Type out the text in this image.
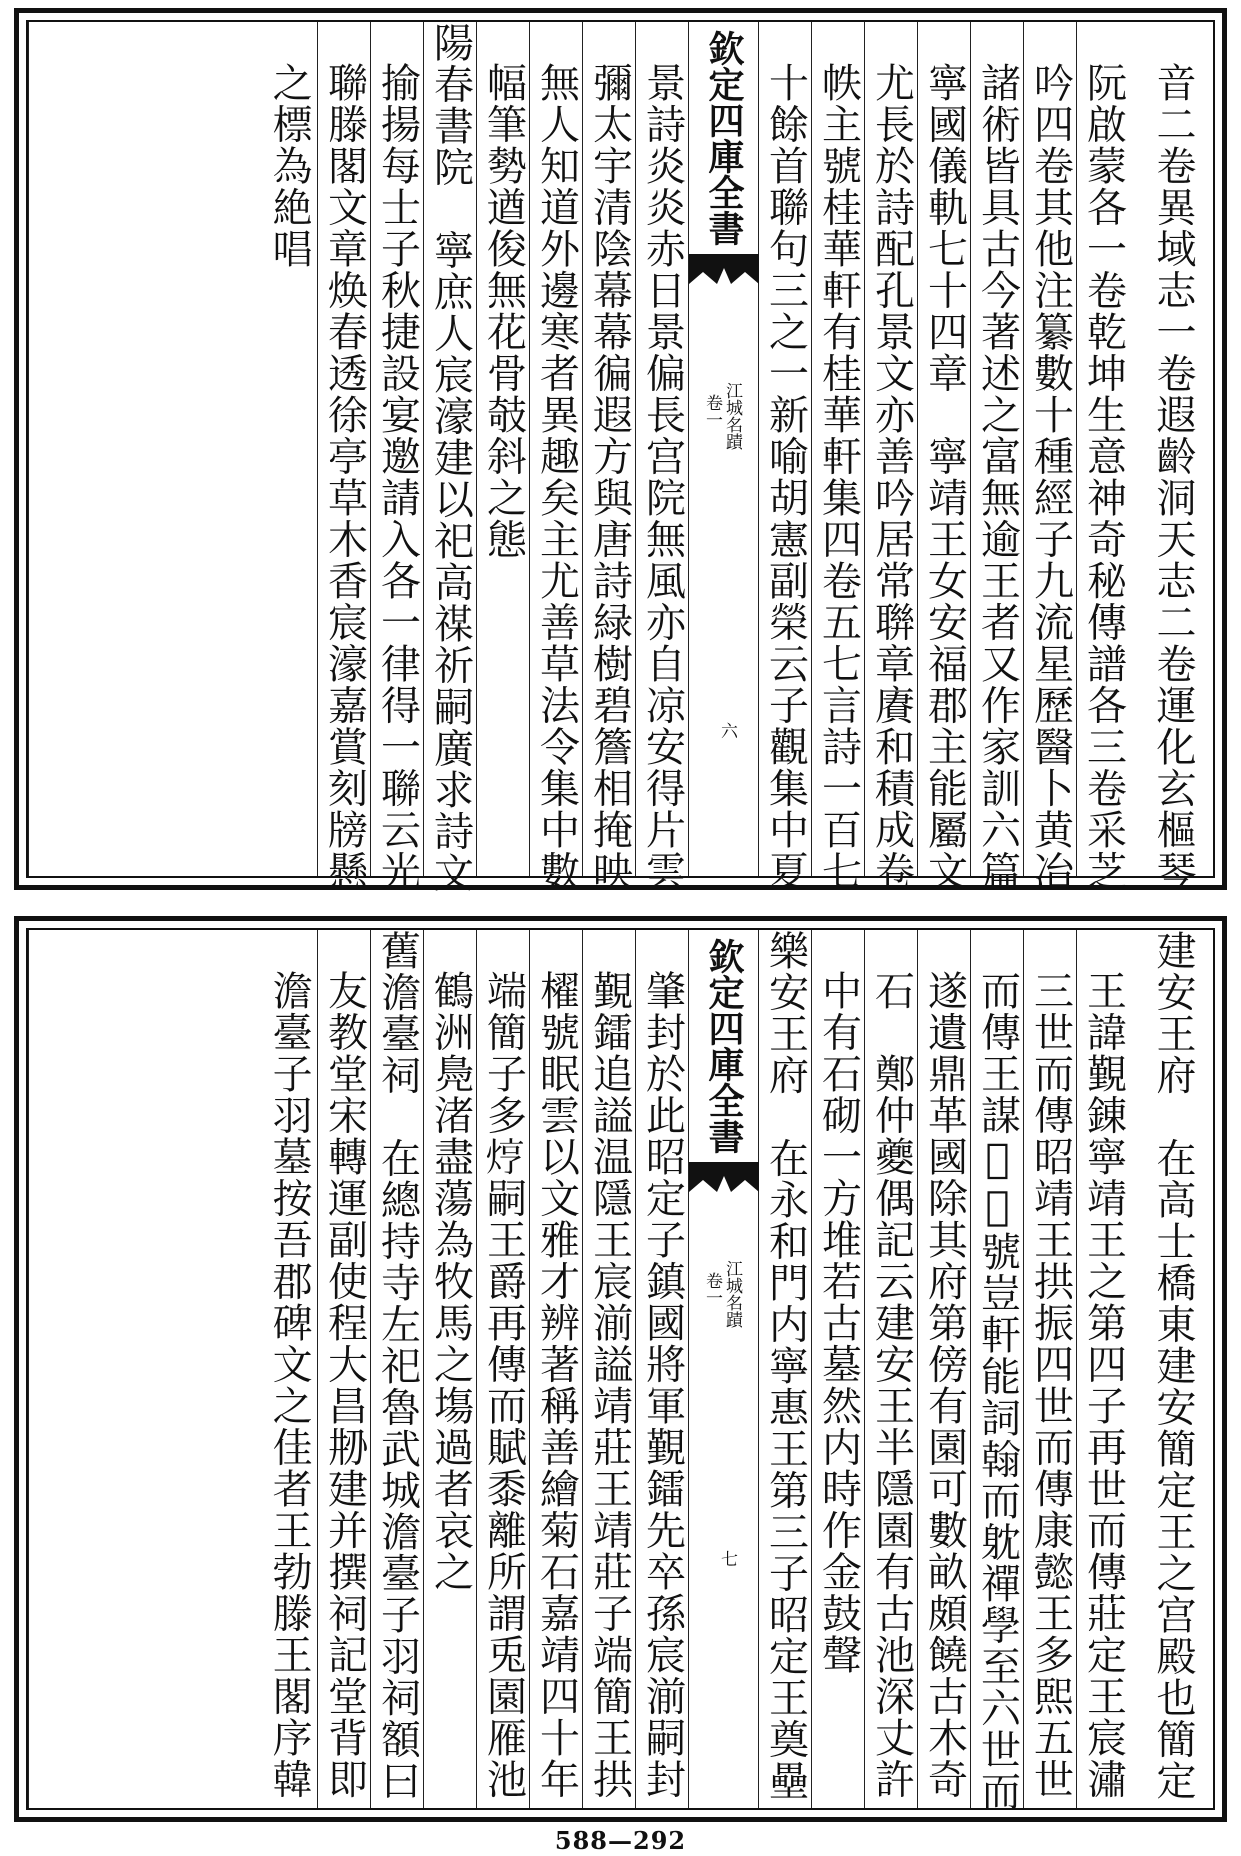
音二卷異域志一卷遐齡洞天志二卷運化玄樞琴
阮啟蒙各一卷乾坤生意神奇秘傳譜各三卷采芝
吟四卷其他注纂數十種經子九流星歷醫卜黄冶
諸術皆具古今著述之富無逾王者又作家訓六篇
寧國儀軌七十四章　寧靖王女安福郡主能屬文
尤長於詩配孔景文亦善吟居常聨章賡和積成卷
帙主號桂華軒有桂華軒集四卷五七言詩一百七
十餘首聯句三之一新喻胡憲副榮云子觀集中夏
欽定四庫全書
江城名蹟
卷一
六
景詩炎炎赤日景偏長宫院無風亦自凉安得片雲
彌太宇清陰幕幕徧遐方與唐詩緑樹碧簷相掩映
無人知道外邊寒者異趣矣主尤善草法令集中數
幅筆勢遒俊無花骨攲斜之態
陽春書院　寧庶人宸濠建以祀高禖祈嗣廣求詩文
揄揚每士子秋捷設宴邀請入各一律得一聯云光
聯滕閣文章焕春透徐亭草木香宸濠嘉賞刻牓懸
之標為絶唱
建安王府　在高士橋東建安簡定王之宫殿也簡定
王諱覲錬寧靖王之第四子再世而傳莊定王宸潚
三世而傳昭靖王拱振四世而傳康懿王多𤋮五世
而傳王謀𤛓𤛓號豈軒能詞翰而躭禪學至六世而
遂遺鼎革國除其府第傍有園可數畝頗饒古木奇
石　鄭仲夔偶記云建安王半隱園有古池深丈許
中有石砌一方堆若古墓然内時作金鼓聲
樂安王府　在永和門内寧惠王第三子昭定王奠壘
欽定四庫全書
江城名蹟
卷一
七
肇封於此昭定子鎮國將軍覲鐳先卒孫宸湔嗣封
覲鐳追謚温隱王宸湔謚靖莊王靖莊子端簡王拱
櫂號眠雲以文雅才辨著稱善繪菊石嘉靖四十年
端簡子多𤈽嗣王爵再傳而賦黍離所謂兎園雁池
鶴洲鳧渚盡蕩為牧馬之塲過者哀之
舊澹臺祠　在總持寺左祀魯武城澹臺子羽祠額曰
友教堂宋轉運副使程大昌刱建并撰祠記堂背即
澹臺子羽墓按吾郡碑文之佳者王勃滕王閣序韓
588—292
